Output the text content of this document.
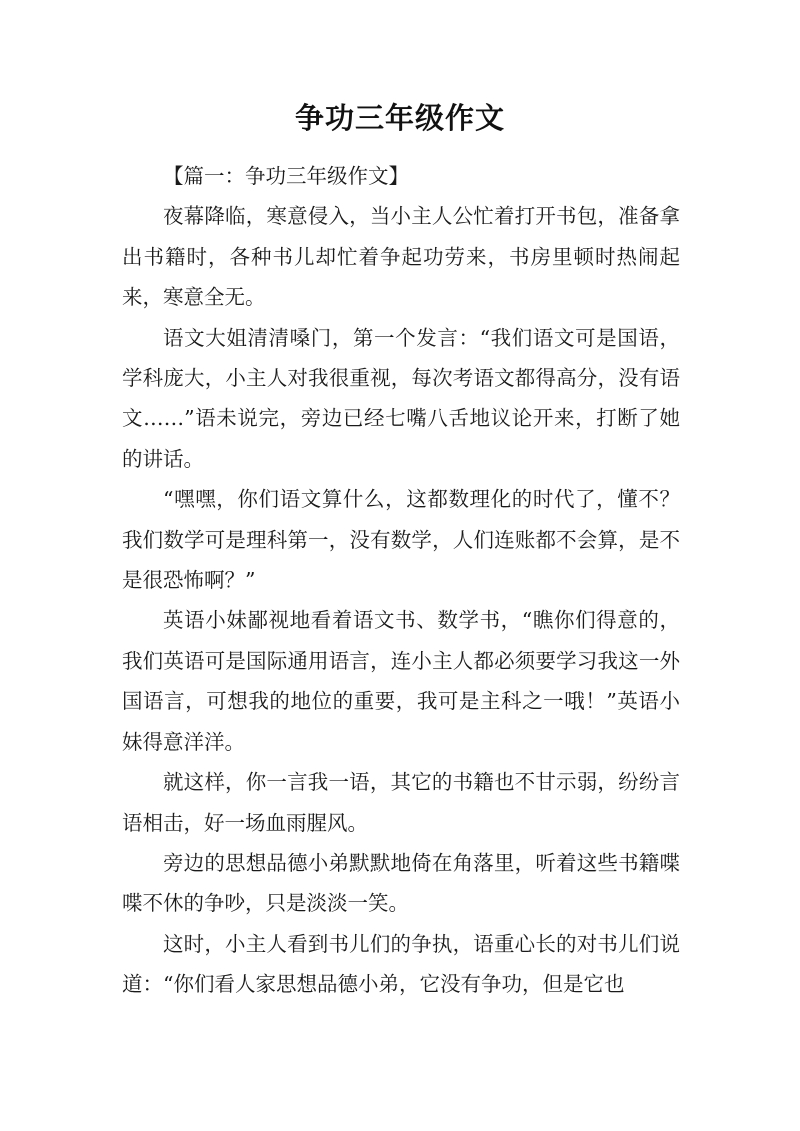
争功三年级作文

【篇一：争功三年级作文】

夜幕降临，寒意侵入，当小主人公忙着打开书包，准备拿出书籍时，各种书儿却忙着争起功劳来，书房里顿时热闹起来，寒意全无。

语文大姐清清嗓门，第一个发言：“我们语文可是国语，学科庞大，小主人对我很重视，每次考语文都得高分，没有语文……”语未说完，旁边已经七嘴八舌地议论开来，打断了她的讲话。

“嘿嘿，你们语文算什么，这都数理化的时代了，懂不？我们数学可是理科第一，没有数学，人们连账都不会算，是不是很恐怖啊？”

英语小妹鄙视地看着语文书、数学书，“瞧你们得意的，我们英语可是国际通用语言，连小主人都必须要学习我这一外国语言，可想我的地位的重要，我可是主科之一哦！”英语小妹得意洋洋。

就这样，你一言我一语，其它的书籍也不甘示弱，纷纷言语相击，好一场血雨腥风。

旁边的思想品德小弟默默地倚在角落里，听着这些书籍喋喋不休的争吵，只是淡淡一笑。

这时，小主人看到书儿们的争执，语重心长的对书儿们说道：“你们看人家思想品德小弟，它没有争功，但是它也
